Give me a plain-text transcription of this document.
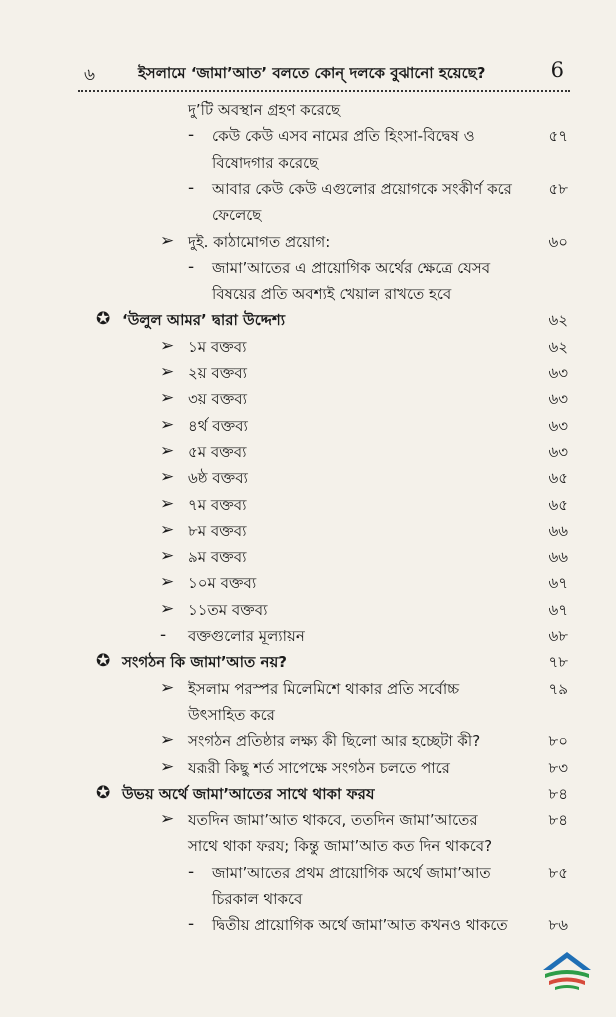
৬	ইসলামে ‘জামা’আত’ বলতে কোন্ দলকে বুঝানো হয়েছে?	6
দু’টি অবস্থান গ্রহণ করেছে
- কেউ কেউ এসব নামের প্রতি হিংসা-বিদ্বেষ ও	৫৭
বিষোদগার করেছে
- আবার কেউ কেউ এগুলোর প্রয়োগকে সংকীর্ণ করে ৫৮
ফেলেছে
➢ দুই. কাঠামোগত প্রয়োগ:	৬০
- জামা’আতের এ প্রায়োগিক অর্থের ক্ষেত্রে যেসব
বিষয়ের প্রতি অবশ্যই খেয়াল রাখতে হবে
✪ ‘উলুল আমর’ দ্বারা উদ্দেশ্য	৬২
➢ ১ম বক্তব্য	৬২
➢ ২য় বক্তব্য	৬৩
➢ ৩য় বক্তব্য	৬৩
➢ ৪র্থ বক্তব্য	৬৩
➢ ৫ম বক্তব্য	৬৩
➢ ৬ষ্ঠ বক্তব্য	৬৫
➢ ৭ম বক্তব্য	৬৫
➢ ৮ম বক্তব্য	৬৬
➢ ৯ম বক্তব্য	৬৬
➢ ১০ম বক্তব্য	৬৭
➢ ১১তম বক্তব্য	৬৭
- বক্তগুলোর মূল্যায়ন	৬৮
✪ সংগঠন কি জামা’আত নয়?	৭৮
➢ ইসলাম পরস্পর মিলেমিশে থাকার প্রতি সর্বোচ্চ	৭৯
উৎসাহিত করে
➢ সংগঠন প্রতিষ্ঠার লক্ষ্য কী ছিলো আর হচ্ছেটা কী?	৮০
➢ যরূরী কিছু শর্ত সাপেক্ষে সংগঠন চলতে পারে	৮৩
✪ উভয় অর্থে জামা’আতের সাথে থাকা ফরয	৮৪
➢ যতদিন জামা’আত থাকবে, ততদিন জামা’আতের	৮৪
সাথে থাকা ফরয; কিন্তু জামা’আত কত দিন থাকবে?
- জামা’আতের প্রথম প্রায়োগিক অর্থে জামা’আত	৮৫
চিরকাল থাকবে
- দ্বিতীয় প্রায়োগিক অর্থে জামা’আত কখনও থাকতে	৮৬
